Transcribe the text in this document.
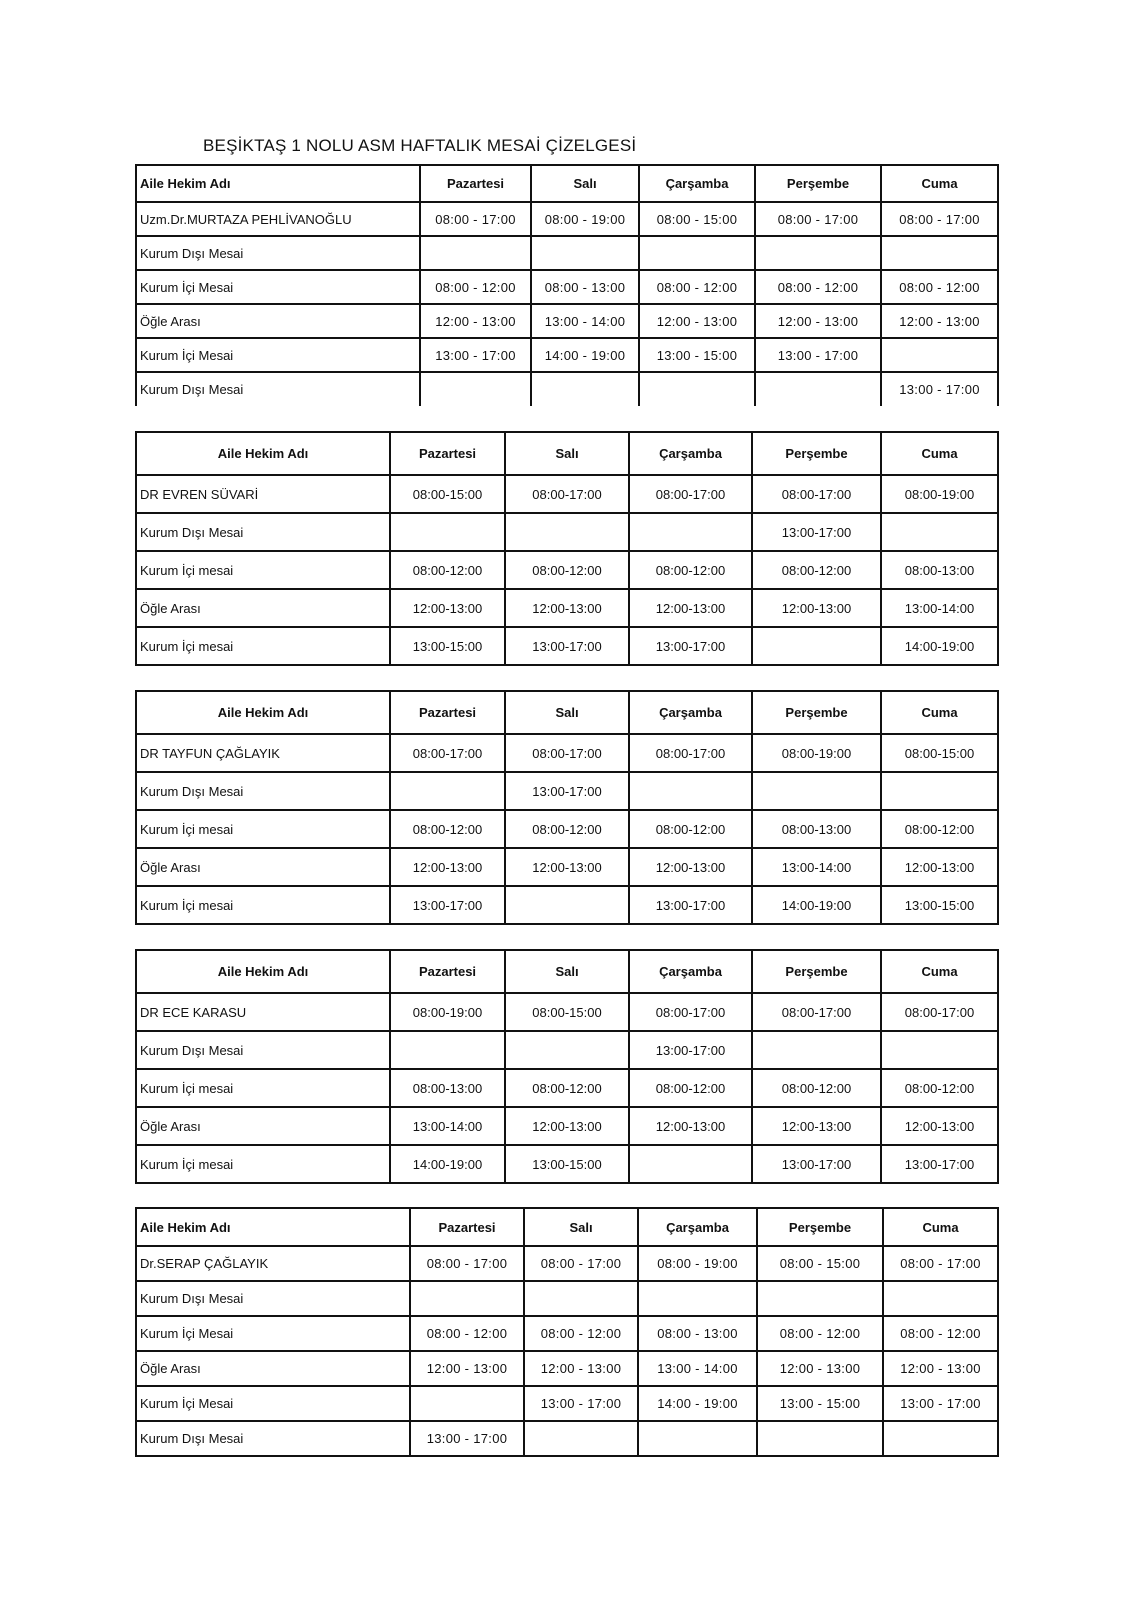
BEŞİKTAŞ 1 NOLU ASM HAFTALIK MESAİ ÇİZELGESİ
Aile Hekim Adı	Pazartesi	Salı	Çarşamba	Perşembe	Cuma
Uzm.Dr.MURTAZA PEHLİVANOĞLU	08:00 - 17:00	08:00 - 19:00	08:00 - 15:00	08:00 - 17:00	08:00 - 17:00
Kurum Dışı Mesai					
Kurum İçi Mesai	08:00 - 12:00	08:00 - 13:00	08:00 - 12:00	08:00 - 12:00	08:00 - 12:00
Öğle Arası	12:00 - 13:00	13:00 - 14:00	12:00 - 13:00	12:00 - 13:00	12:00 - 13:00
Kurum İçi Mesai	13:00 - 17:00	14:00 - 19:00	13:00 - 15:00	13:00 - 17:00	
Kurum Dışı Mesai					13:00 - 17:00
Aile Hekim Adı	Pazartesi	Salı	Çarşamba	Perşembe	Cuma
DR EVREN SÜVARİ	08:00-15:00	08:00-17:00	08:00-17:00	08:00-17:00	08:00-19:00
Kurum Dışı Mesai				13:00-17:00	
Kurum İçi mesai	08:00-12:00	08:00-12:00	08:00-12:00	08:00-12:00	08:00-13:00
Öğle Arası	12:00-13:00	12:00-13:00	12:00-13:00	12:00-13:00	13:00-14:00
Kurum İçi mesai	13:00-15:00	13:00-17:00	13:00-17:00		14:00-19:00
Aile Hekim Adı	Pazartesi	Salı	Çarşamba	Perşembe	Cuma
DR TAYFUN ÇAĞLAYIK	08:00-17:00	08:00-17:00	08:00-17:00	08:00-19:00	08:00-15:00
Kurum Dışı Mesai		13:00-17:00			
Kurum İçi mesai	08:00-12:00	08:00-12:00	08:00-12:00	08:00-13:00	08:00-12:00
Öğle Arası	12:00-13:00	12:00-13:00	12:00-13:00	13:00-14:00	12:00-13:00
Kurum İçi mesai	13:00-17:00		13:00-17:00	14:00-19:00	13:00-15:00
Aile Hekim Adı	Pazartesi	Salı	Çarşamba	Perşembe	Cuma
DR ECE KARASU	08:00-19:00	08:00-15:00	08:00-17:00	08:00-17:00	08:00-17:00
Kurum Dışı Mesai			13:00-17:00		
Kurum İçi mesai	08:00-13:00	08:00-12:00	08:00-12:00	08:00-12:00	08:00-12:00
Öğle Arası	13:00-14:00	12:00-13:00	12:00-13:00	12:00-13:00	12:00-13:00
Kurum İçi mesai	14:00-19:00	13:00-15:00		13:00-17:00	13:00-17:00
Aile Hekim Adı	Pazartesi	Salı	Çarşamba	Perşembe	Cuma
Dr.SERAP ÇAĞLAYIK	08:00 - 17:00	08:00 - 17:00	08:00 - 19:00	08:00 - 15:00	08:00 - 17:00
Kurum Dışı Mesai					
Kurum İçi Mesai	08:00 - 12:00	08:00 - 12:00	08:00 - 13:00	08:00 - 12:00	08:00 - 12:00
Öğle Arası	12:00 - 13:00	12:00 - 13:00	13:00 - 14:00	12:00 - 13:00	12:00 - 13:00
Kurum İçi Mesai		13:00 - 17:00	14:00 - 19:00	13:00 - 15:00	13:00 - 17:00
Kurum Dışı Mesai	13:00 - 17:00				
